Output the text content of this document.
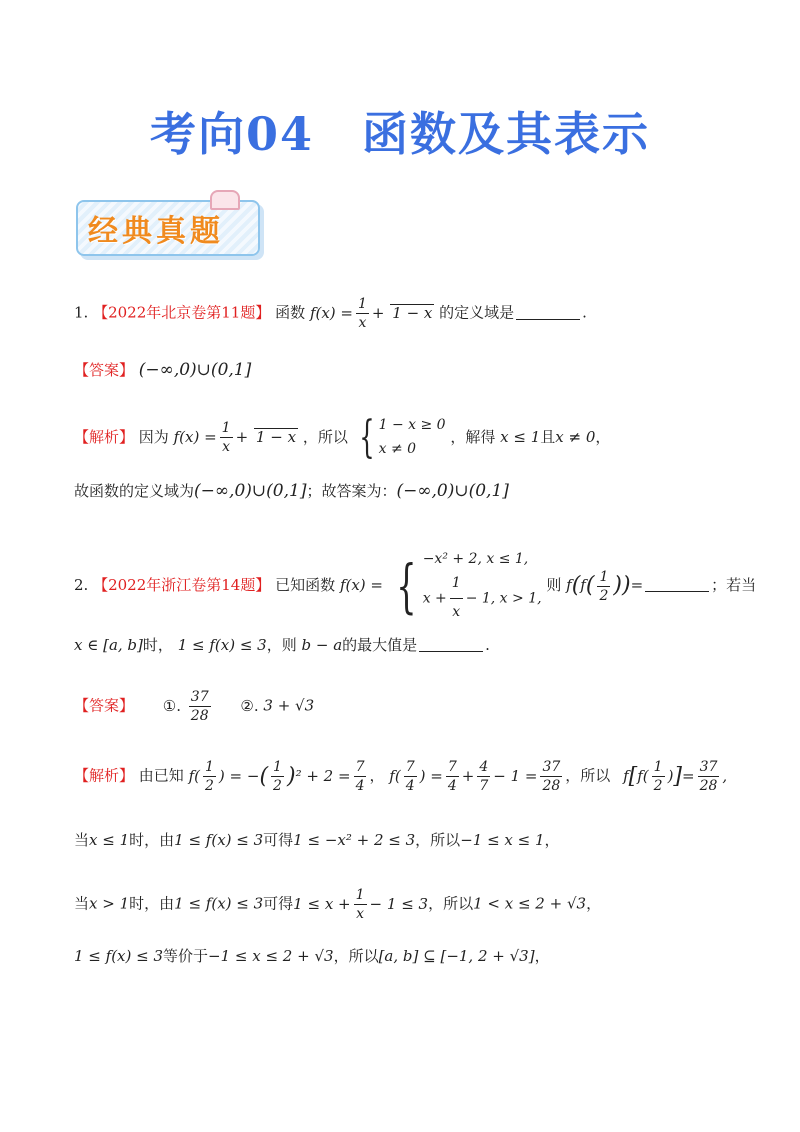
考向04　函数及其表示
经典真题
1. 【2022年北京卷第11题】 函数 $f(x) = \frac{1}{x} + 1 - x$ 的定义域是	.
【答案】 (−∞,0)∪(0,1]
【解析】 因为 $f(x) = \frac{1}{x} + 1 - x$ ，所以 { 1 − x ≥ 0
x ≠ 0
，解得 x ≤ 1且x ≠ 0，
故函数的定义域为(−∞,0)∪(0,1]；故答案为：(−∞,0)∪(0,1]
2. 【2022年浙江卷第14题】 已知函数 f(x) = { −x² + 2, x ≤ 1,
$x + \frac{1}{x} - 1$, x > 1,
则 $f(f( \frac{1}{2}$ ))=	；若当
x ∈ [a, b]时， 1 ≤ f(x) ≤ 3，则 b − a的最大值是	.
【答案】 ①. $\frac{37}{28}$ ②. 3 + √3
【解析】 由已知 $f( \frac{1}{2}$ ) = −( $\frac{1}{2} )^2 + 2 = \frac{7}{4}$ ， $f( \frac{7}{4}$ ) = $\frac{7}{4} + \frac{4}{7} - 1 = \frac{37}{28}$ ，所以 $f[f( \frac{1}{2}$ )]= $\frac{37}{28}$ ,
当x ≤ 1时，由1 ≤ f(x) ≤ 3可得1 ≤ −x² + 2 ≤ 3，所以−1 ≤ x ≤ 1，
当x > 1时，由1 ≤ f(x) ≤ 3可得$1 \le x + \frac{1}{x} - 1 \le 3$，所以1 < x ≤ 2 + √3，
1 ≤ f(x) ≤ 3等价于−1 ≤ x ≤ 2 + √3，所以[a, b] ⊆ [−1, 2 + √3]，
